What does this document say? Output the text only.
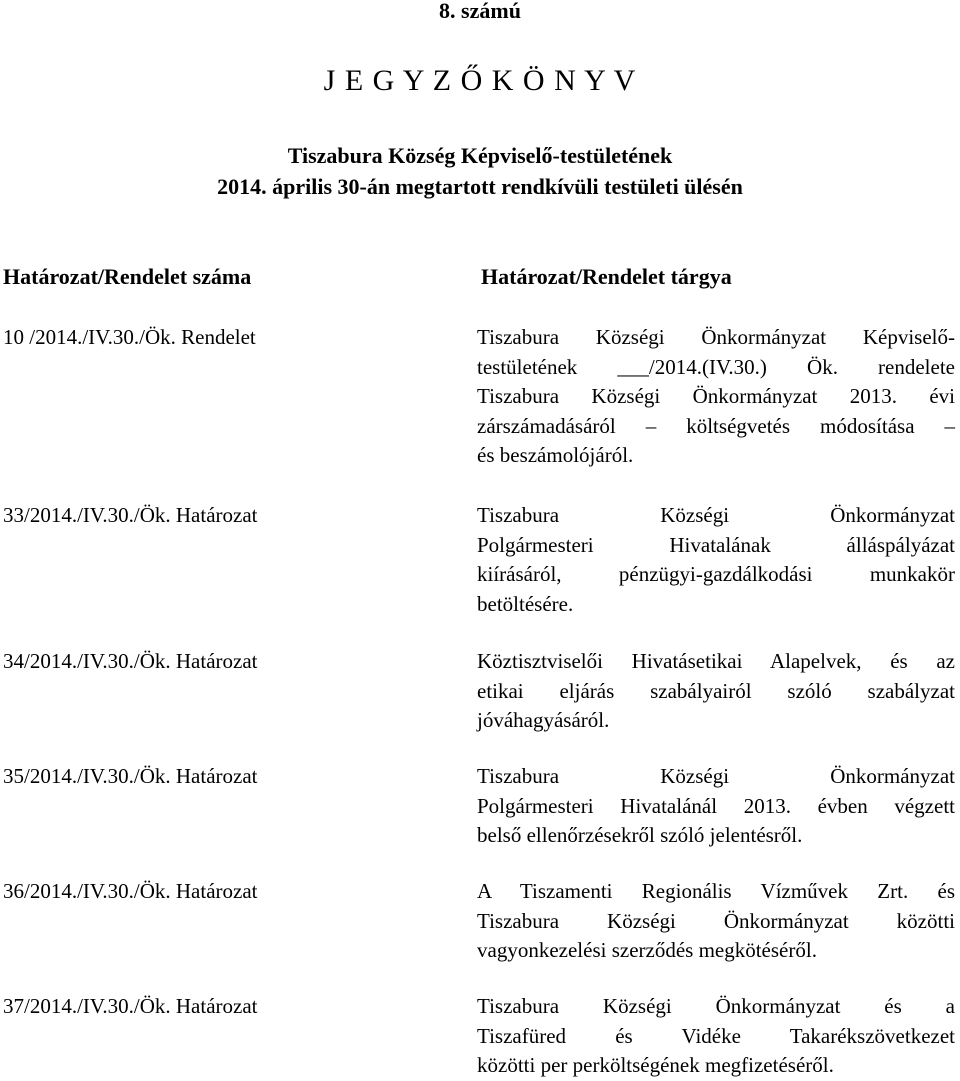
8. számú
J E G Y Z Ő K Ö N Y V
Tiszabura Község Képviselő-testületének
2014. április 30-án megtartott rendkívüli testületi ülésén
Határozat/Rendelet száma	Határozat/Rendelet tárgya
10 /2014./IV.30./Ök. Rendelet	Tiszabura Községi Önkormányzat Képviselő-
testületének ___/2014.(IV.30.) Ök. rendelete
Tiszabura Községi Önkormányzat 2013. évi
zárszámadásáról – költségvetés módosítása –
és beszámolójáról.
33/2014./IV.30./Ök. Határozat	Tiszabura Községi Önkormányzat
Polgármesteri Hivatalának álláspályázat
kiírásáról, pénzügyi-gazdálkodási munkakör
betöltésére.
34/2014./IV.30./Ök. Határozat	Köztisztviselői Hivatásetikai Alapelvek, és az
etikai eljárás szabályairól szóló szabályzat
jóváhagyásáról.
35/2014./IV.30./Ök. Határozat	Tiszabura Községi Önkormányzat
Polgármesteri Hivatalánál 2013. évben végzett
belső ellenőrzésekről szóló jelentésről.
36/2014./IV.30./Ök. Határozat	A Tiszamenti Regionális Vízművek Zrt. és
Tiszabura Községi Önkormányzat közötti
vagyonkezelési szerződés megkötéséről.
37/2014./IV.30./Ök. Határozat	Tiszabura Községi Önkormányzat és a
Tiszafüred és Vidéke Takarékszövetkezet
közötti per perköltségének megfizetéséről.
